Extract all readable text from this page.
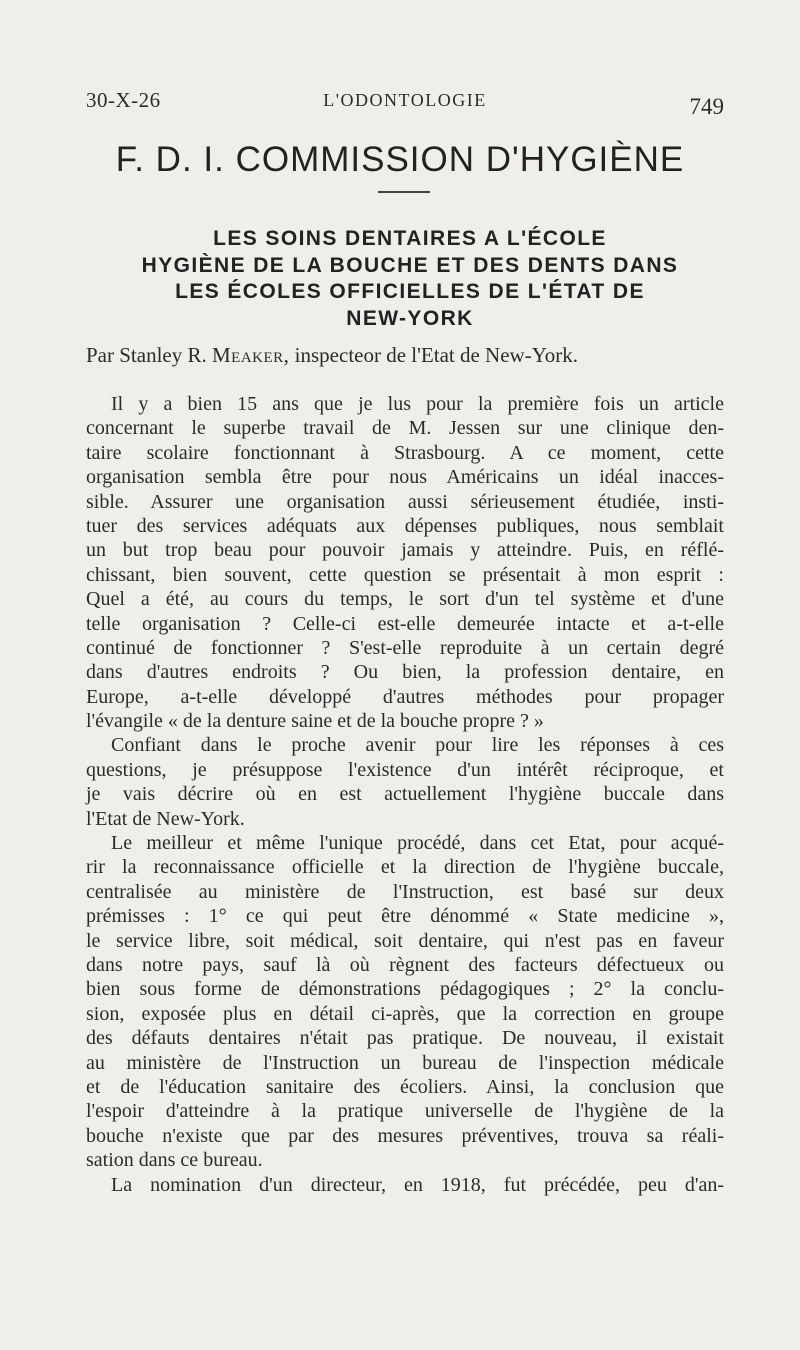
30-X-26	L'ODONTOLOGIE	749
F. D. I. COMMISSION D'HYGIÈNE
LES SOINS DENTAIRES A L'ÉCOLE
HYGIÈNE DE LA BOUCHE ET DES DENTS DANS
LES ÉCOLES OFFICIELLES DE L'ÉTAT DE
NEW-YORK
Par Stanley R. Meaker, inspecteor de l'Etat de New-York.
Il y a bien 15 ans que je lus pour la première fois un article
concernant le superbe travail de M. Jessen sur une clinique den-
taire scolaire fonctionnant à Strasbourg. A ce moment, cette
organisation sembla être pour nous Américains un idéal inacces-
sible. Assurer une organisation aussi sérieusement étudiée, insti-
tuer des services adéquats aux dépenses publiques, nous semblait
un but trop beau pour pouvoir jamais y atteindre. Puis, en réflé-
chissant, bien souvent, cette question se présentait à mon esprit :
Quel a été, au cours du temps, le sort d'un tel système et d'une
telle organisation ? Celle-ci est-elle demeurée intacte et a-t-elle
continué de fonctionner ? S'est-elle reproduite à un certain degré
dans d'autres endroits ? Ou bien, la profession dentaire, en
Europe, a-t-elle développé d'autres méthodes pour propager
l'évangile « de la denture saine et de la bouche propre ? »
Confiant dans le proche avenir pour lire les réponses à ces
questions, je présuppose l'existence d'un intérêt réciproque, et
je vais décrire où en est actuellement l'hygiène buccale dans
l'Etat de New-York.
Le meilleur et même l'unique procédé, dans cet Etat, pour acqué-
rir la reconnaissance officielle et la direction de l'hygiène buccale,
centralisée au ministère de l'Instruction, est basé sur deux
prémisses : 1° ce qui peut être dénommé « State medicine »,
le service libre, soit médical, soit dentaire, qui n'est pas en faveur
dans notre pays, sauf là où règnent des facteurs défectueux ou
bien sous forme de démonstrations pédagogiques ; 2° la conclu-
sion, exposée plus en détail ci-après, que la correction en groupe
des défauts dentaires n'était pas pratique. De nouveau, il existait
au ministère de l'Instruction un bureau de l'inspection médicale
et de l'éducation sanitaire des écoliers. Ainsi, la conclusion que
l'espoir d'atteindre à la pratique universelle de l'hygiène de la
bouche n'existe que par des mesures préventives, trouva sa réali-
sation dans ce bureau.
La nomination d'un directeur, en 1918, fut précédée, peu d'an-
